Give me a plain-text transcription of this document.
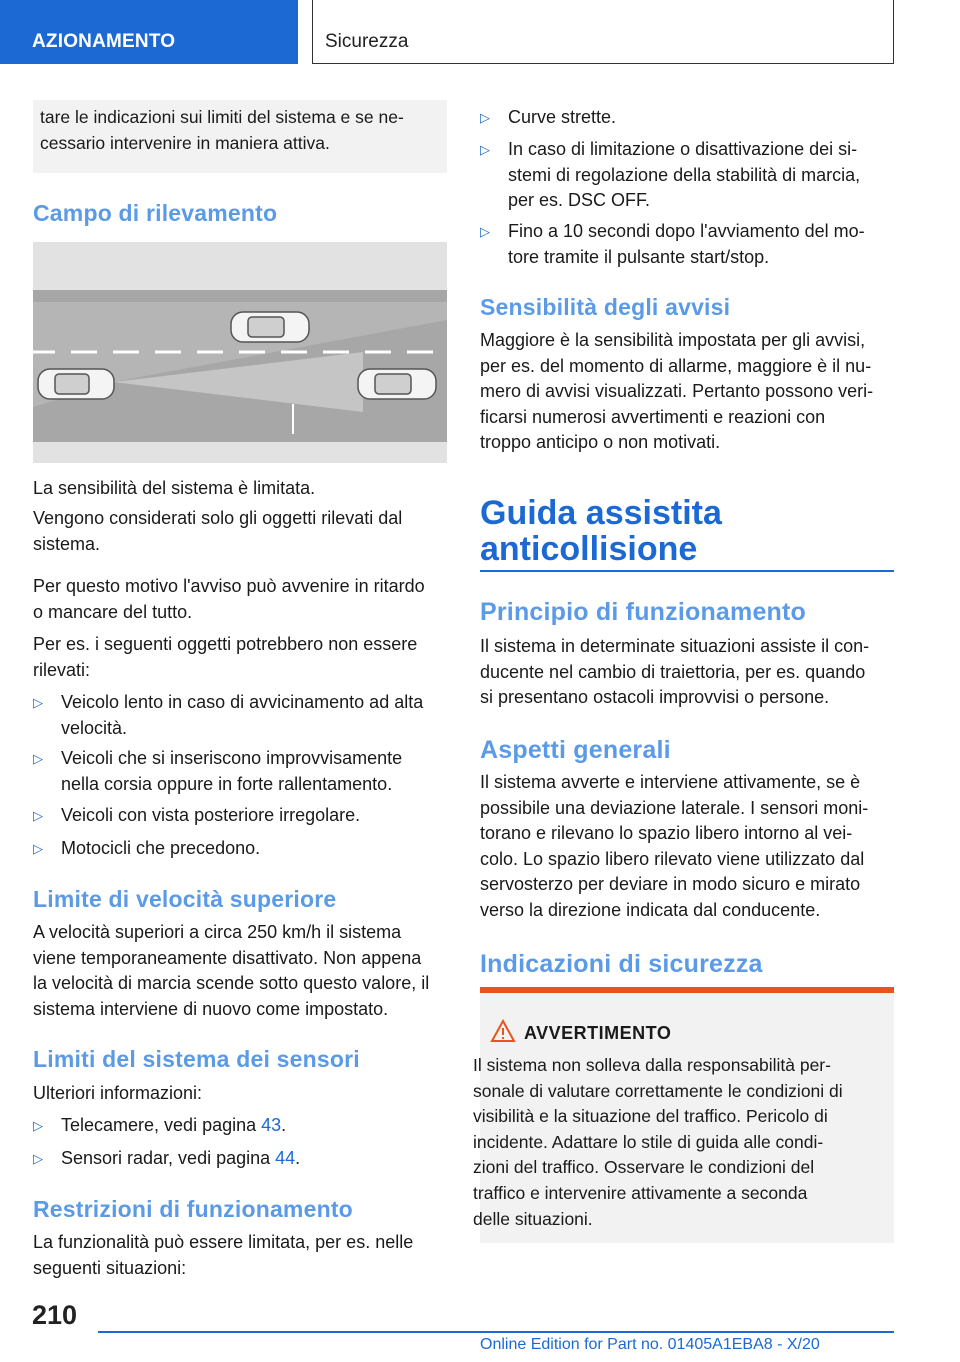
AZIONAMENTO	Sicurezza

tare le indicazioni sui limiti del sistema e se ne-
cessario intervenire in maniera attiva.

Campo di rilevamento

La sensibilità del sistema è limitata.

Vengono considerati solo gli oggetti rilevati dal
sistema.

Per questo motivo l'avviso può avvenire in ritardo
o mancare del tutto.

Per es. i seguenti oggetti potrebbero non essere
rilevati:

▷ Veicolo lento in caso di avvicinamento ad alta
velocità.
▷ Veicoli che si inseriscono improvvisamente
nella corsia oppure in forte rallentamento.
▷ Veicoli con vista posteriore irregolare.
▷ Motocicli che precedono.
Limite di velocità superiore

A velocità superiori a circa 250 km/h il sistema
viene temporaneamente disattivato. Non appena
la velocità di marcia scende sotto questo valore, il
sistema interviene di nuovo come impostato.

Limiti del sistema dei sensori

Ulteriori informazioni:

▷ Telecamere, vedi pagina 43.
▷ Sensori radar, vedi pagina 44.
Restrizioni di funzionamento

La funzionalità può essere limitata, per es. nelle
seguenti situazioni:

▷ Curve strette.
▷ In caso di limitazione o disattivazione dei si-
stemi di regolazione della stabilità di marcia,
per es. DSC OFF.
▷ Fino a 10 secondi dopo l'avviamento del mo-
tore tramite il pulsante start/stop.
Sensibilità degli avvisi

Maggiore è la sensibilità impostata per gli avvisi,
per es. del momento di allarme, maggiore è il nu-
mero di avvisi visualizzati. Pertanto possono veri-
ficarsi numerosi avvertimenti e reazioni con
troppo anticipo o non motivati.

Guida assistita
anticollisione
Principio di funzionamento

Il sistema in determinate situazioni assiste il con-
ducente nel cambio di traiettoria, per es. quando
si presentano ostacoli improvvisi o persone.

Aspetti generali

Il sistema avverte e interviene attivamente, se è
possibile una deviazione laterale. I sensori moni-
torano e rilevano lo spazio libero intorno al vei-
colo. Lo spazio libero rilevato viene utilizzato dal
servosterzo per deviare in modo sicuro e mirato
verso la direzione indicata dal conducente.

Indicazioni di sicurezza
AVVERTIMENTO

Il sistema non solleva dalla responsabilità per-
sonale di valutare correttamente le condizioni di
visibilità e la situazione del traffico. Pericolo di
incidente. Adattare lo stile di guida alle condi-
zioni del traffico. Osservare le condizioni del
traffico e intervenire attivamente a seconda
delle situazioni.

210
Online Edition for Part no. 01405A1EBA8 - X/20
